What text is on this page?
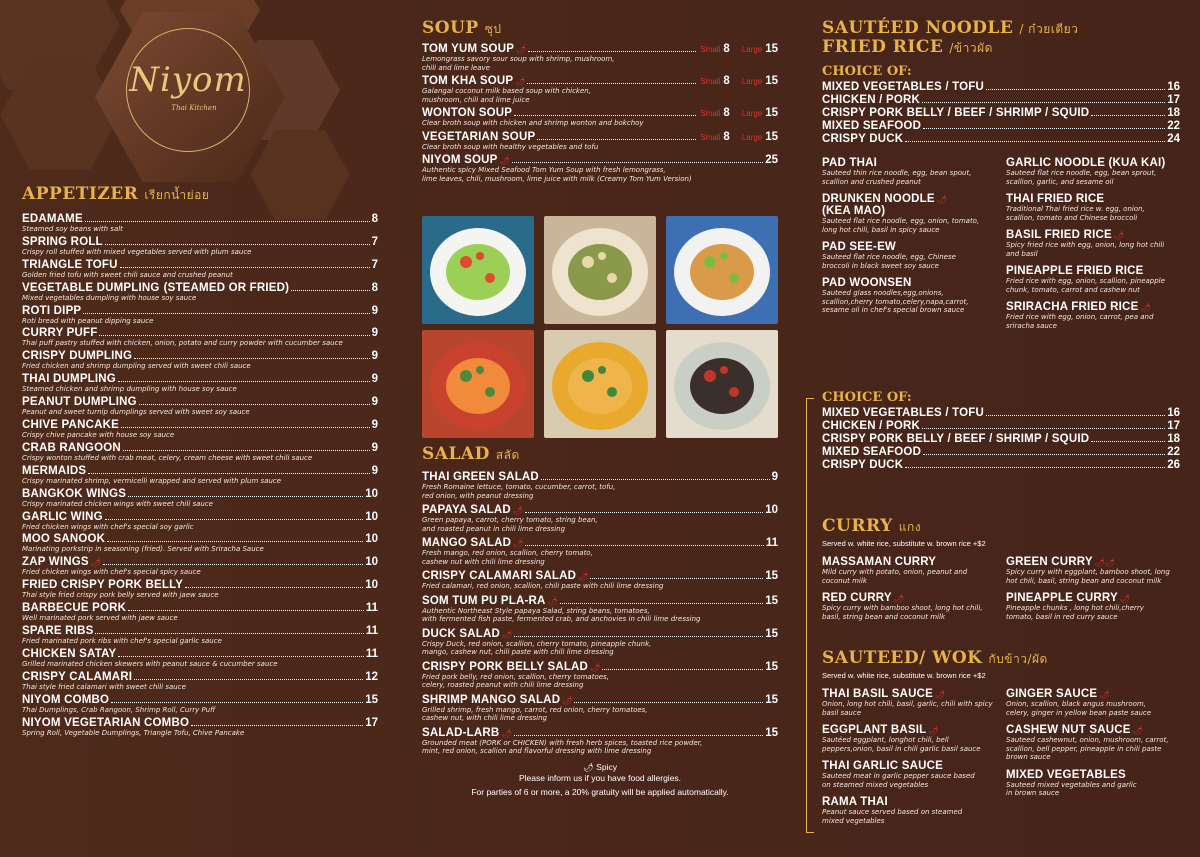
Niyom
Thai Kitchen
APPETIZER เรียกน้ำย่อย
EDAMAME	8
Steamed soy beans with salt
SPRING ROLL	7
Crispy roll stuffed with mixed vegetables served with plum sauce
TRIANGLE TOFU	7
Golden fried tofu with sweet chili sauce and crushed peanut
VEGETABLE DUMPLING (STEAMED OR FRIED)	8
Mixed vegetables dumpling with house soy sauce
ROTI DIPP	9
Roti bread with peanut dipping sauce
CURRY PUFF	9
Thai puff pastry stuffed with chicken, onion, potato and curry powder with cucumber sauce
CRISPY DUMPLING	9
Fried chicken and shrimp dumpling served with sweet chili sauce
THAI DUMPLING	9
Steamed chicken and shrimp dumpling with house soy sauce
PEANUT DUMPLING	9
Peanut and sweet turnip dumplings served with sweet soy sauce
CHIVE PANCAKE	9
Crispy chive pancake with house soy sauce
CRAB RANGOON	9
Crispy wonton stuffed with crab meat, celery, cream cheese with sweet chili sauce
MERMAIDS	9
Crispy marinated shrimp, vermicelli wrapped and served with plum sauce
BANGKOK WINGS	10
Crispy marinated chicken wings with sweet chili sauce
GARLIC WING	10
Fried chicken wings with chef's special soy garlic
MOO SANOOK	10
Marinating porkstrip in seasoning (fried). Served with Sriracha Sauce
ZAP WINGS 🌶	10
Fried chicken wings with chef's special spicy sauce
FRIED CRISPY PORK BELLY	10
Thai style fried crispy pork belly served with jaew sauce
BARBECUE PORK	11
Well marinated pork served with jaew sauce
SPARE RIBS	11
Fried marinated pork ribs with chef's special garlic sauce
CHICKEN SATAY	11
Grilled marinated chicken skewers with peanut sauce & cucumber sauce
CRISPY CALAMARI	12
Thai style fried calamari with sweet chili sauce
NIYOM COMBO	15
Thai Dumplings, Crab Rangoon, Shrimp Roll, Curry Puff
NIYOM VEGETARIAN COMBO	17
Spring Roll, Vegetable Dumplings, Triangle Tofu, Chive Pancake
SOUP ซุป
TOM YUM SOUP 🌶	Small 8 Large 15
Lemongrass savory sour soup with shrimp, mushroom,
chili and lime leave
TOM KHA SOUP 🌶	Small 8 Large 15
Galangal coconut milk based soup with chicken,
mushroom, chili and lime juice
WONTON SOUP	Small 8 Large 15
Clear broth soup with chicken and shrimp wonton and bokchoy
VEGETARIAN SOUP	Small 8 Large 15
Clear broth soup with healthy vegetables and tofu
NIYOM SOUP 🌶	25
Authentic spicy Mixed Seafood Tom Yum Soup with fresh lemongrass,
lime leaves, chili, mushroom, lime juice with milk (Creamy Tom Yum Version)
SALAD สลัด
THAI GREEN SALAD	9
Fresh Romaine lettuce, tomato, cucumber, carrot, tofu,
red onion, with peanut dressing
PAPAYA SALAD 🌶	10
Green papaya, carrot, cherry tomato, string bean,
and roasted peanut in chili lime dressing
MANGO SALAD 🌶	11
Fresh mango, red onion, scallion, cherry tomato,
cashew nut with chili lime dressing
CRISPY CALAMARI SALAD 🌶	15
Fried calamari, red onion, scallion, chili paste with chili lime dressing
SOM TUM PU PLA-RA 🌶	15
Authentic Northeast Style papaya Salad, string beans, tomatoes,
with fermented fish paste, fermented crab, and anchovies in chili lime dressing
DUCK SALAD 🌶	15
Crispy Duck, red onion, scallion, cherry tomato, pineapple chunk,
mango, cashew nut, chili paste with chili lime dressing
CRISPY PORK BELLY SALAD 🌶	15
Fried pork belly, red onion, scallion, cherry tomatoes,
celery, roasted peanut with chili lime dressing
SHRIMP MANGO SALAD 🌶	15
Grilled shrimp, fresh mango, carrot, red onion, cherry tomatoes,
cashew nut, with chili lime dressing
SALAD-LARB 🌶	15
Grounded meat (PORK or CHICKEN) with fresh herb spices, toasted rice powder,
mint, red onion, scallion and flavorful dressing with lime dressing
🌶 Spicy
Please inform us if you have food allergies.
For parties of 6 or more, a 20% gratuity will be applied automatically.
SAUTÉED NOODLE / ก๋วยเตียว
FRIED RICE /ข้าวผัด
CHOICE OF:
MIXED VEGETABLES / TOFU	16
CHICKEN / PORK	17
CRISPY PORK BELLY / BEEF / SHRIMP / SQUID	18
MIXED SEAFOOD	22
CRISPY DUCK	24
PAD THAI
Sauteed thin rice noodle, egg, bean spout,
scallion and crushed peanut
DRUNKEN NOODLE 🌶
(KEA MAO)
Sauteed flat rice noodle, egg, onion, tomato,
long hot chili, basil in spicy sauce
PAD SEE-EW
Sauteed flat rice noodle, egg, Chinese
broccoli in black sweet soy sauce
PAD WOONSEN
Sauteed glass noodles,egg,onions,
scallion,cherry tomato,celery,napa,carrot,
sesame oil in chef's special brown sauce
GARLIC NOODLE (KUA KAI)
Sauteed flat rice noodle, egg, bean sprout,
scallion, garlic, and sesame oil
THAI FRIED RICE
Traditional Thai fried rice w. egg, onion,
scallion, tomato and Chinese broccoli
BASIL FRIED RICE 🌶
Spicy fried rice with egg, onion, long hot chili
and basil
PINEAPPLE FRIED RICE
Fried rice with egg, onion, scallion, pineapple
chunk, tomato, carrot and cashew nut
SRIRACHA FRIED RICE 🌶
Fried rice with egg, onion, carrot, pea and
sriracha sauce
CHOICE OF:
MIXED VEGETABLES / TOFU	16
CHICKEN / PORK	17
CRISPY PORK BELLY / BEEF / SHRIMP / SQUID	18
MIXED SEAFOOD	22
CRISPY DUCK	26
CURRY แกง
Served w. white rice, substitute w. brown rice +$2
MASSAMAN CURRY
Mild curry with potato, onion, peanut and
coconut milk
RED CURRY 🌶
Spicy curry with bamboo shoot, long hot chili,
basil, string bean and coconut milk
GREEN CURRY 🌶🌶
Spicy curry with eggplant, bamboo shoot, long
hot chili, basil, string bean and coconut milk
PINEAPPLE CURRY 🌶
Pineapple chunks , long hot chili,cherry
tomato, basil in red curry sauce
SAUTEED/ WOK กับข้าว/ผัด
Served w. white rice, substitute w. brown rice +$2
THAI BASIL SAUCE 🌶
Onion, long hot chili, basil, garlic, chili with spicy
basil sauce
EGGPLANT BASIL 🌶
Sautéed eggplant, longhot chili, bell
peppers,onion, basil in chili garlic basil sauce
THAI GARLIC SAUCE
Sauteed meat in garlic pepper sauce based
on steamed mixed vegetables
RAMA THAI
Peanut sauce served based on steamed
mixed vegetables
GINGER SAUCE 🌶
Onion, scallion, black angus mushroom,
celery, ginger in yellow bean paste sauce
CASHEW NUT SAUCE 🌶
Sauteed cashewnut, onion, mushroom, carrot,
scallion, bell pepper, pineapple in chili paste
brown sauce
MIXED VEGETABLES
Sauteed mixed vegetables and garlic
in brown sauce
